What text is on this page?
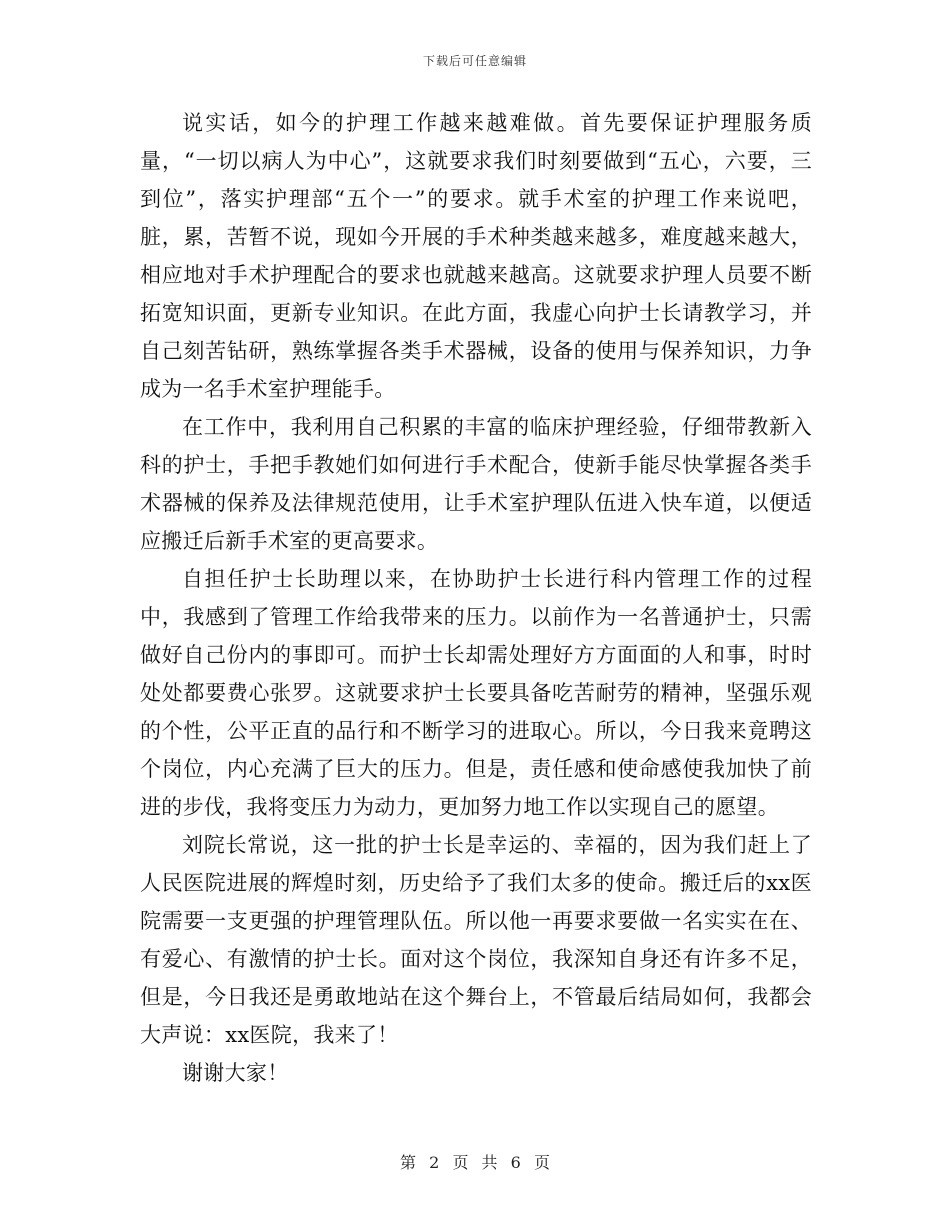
下载后可任意编辑

说实话，如今的护理工作越来越难做。首先要保证护理服务质量，“一切以病人为中心”，这就要求我们时刻要做到“五心，六要，三到位”，落实护理部“五个一”的要求。就手术室的护理工作来说吧，脏，累，苦暂不说，现如今开展的手术种类越来越多，难度越来越大，相应地对手术护理配合的要求也就越来越高。这就要求护理人员要不断拓宽知识面，更新专业知识。在此方面，我虚心向护士长请教学习，并自己刻苦钻研，熟练掌握各类手术器械，设备的使用与保养知识，力争成为一名手术室护理能手。

在工作中，我利用自己积累的丰富的临床护理经验，仔细带教新入科的护士，手把手教她们如何进行手术配合，使新手能尽快掌握各类手术器械的保养及法律规范使用，让手术室护理队伍进入快车道，以便适应搬迁后新手术室的更高要求。

自担任护士长助理以来，在协助护士长进行科内管理工作的过程中，我感到了管理工作给我带来的压力。以前作为一名普通护士，只需做好自己份内的事即可。而护士长却需处理好方方面面的人和事，时时处处都要费心张罗。这就要求护士长要具备吃苦耐劳的精神，坚强乐观的个性，公平正直的品行和不断学习的进取心。所以，今日我来竟聘这个岗位，内心充满了巨大的压力。但是，责任感和使命感使我加快了前进的步伐，我将变压力为动力，更加努力地工作以实现自己的愿望。

刘院长常说，这一批的护士长是幸运的、幸福的，因为我们赶上了人民医院进展的辉煌时刻，历史给予了我们太多的使命。搬迁后的xx医院需要一支更强的护理管理队伍。所以他一再要求要做一名实实在在、有爱心、有激情的护士长。面对这个岗位，我深知自身还有许多不足，但是，今日我还是勇敢地站在这个舞台上，不管最后结局如何，我都会大声说：xx医院，我来了！

谢谢大家！

第 2 页 共 6 页
